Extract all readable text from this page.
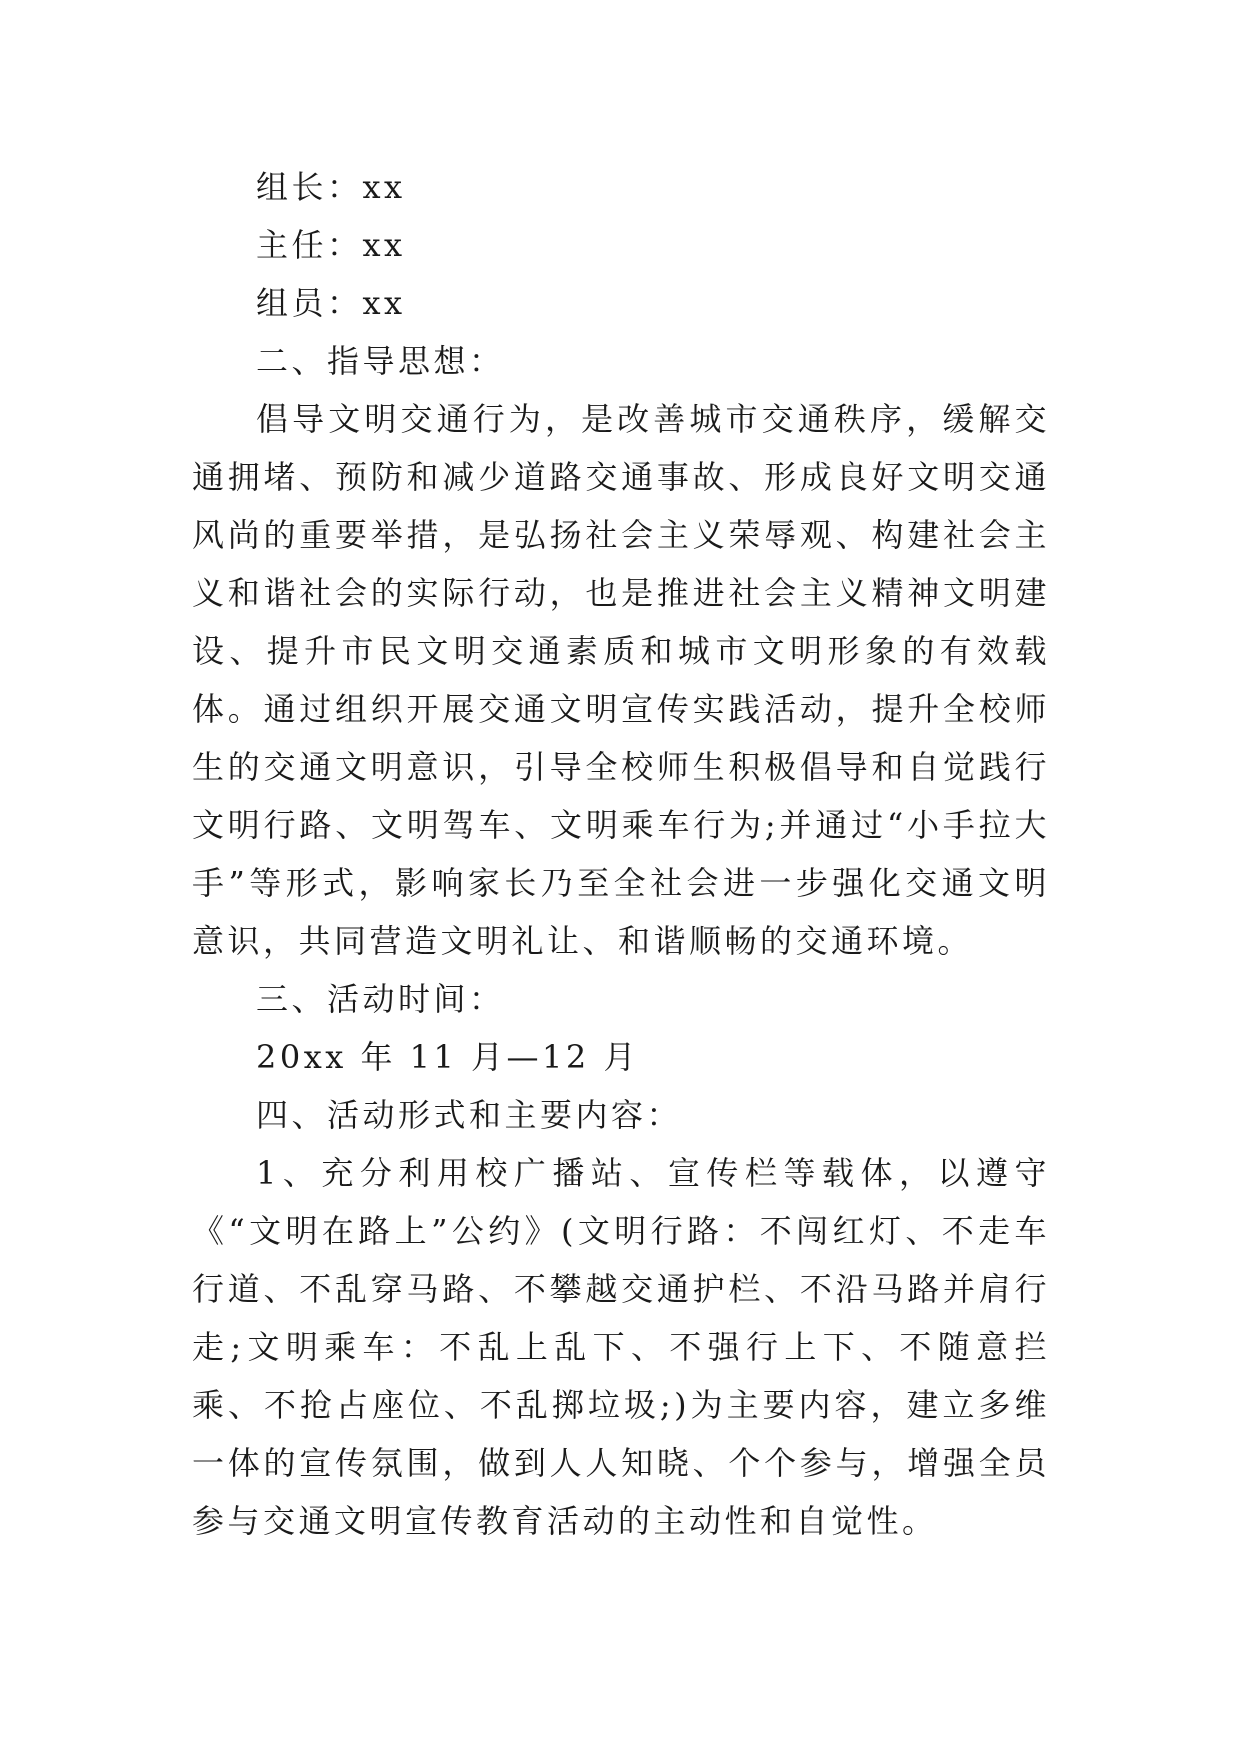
组长：xx

主任：xx

组员：xx

二、指导思想：

倡导文明交通行为，是改善城市交通秩序，缓解交通拥堵、预防和减少道路交通事故、形成良好文明交通风尚的重要举措，是弘扬社会主义荣辱观、构建社会主义和谐社会的实际行动，也是推进社会主义精神文明建设、提升市民文明交通素质和城市文明形象的有效载体。通过组织开展交通文明宣传实践活动，提升全校师生的交通文明意识，引导全校师生积极倡导和自觉践行文明行路、文明驾车、文明乘车行为;并通过“小手拉大手”等形式，影响家长乃至全社会进一步强化交通文明意识，共同营造文明礼让、和谐顺畅的交通环境。

三、活动时间：

20xx 年 11 月—12 月

四、活动形式和主要内容：

1、充分利用校广播站、宣传栏等载体，以遵守《“文明在路上”公约》(文明行路：不闯红灯、不走车行道、不乱穿马路、不攀越交通护栏、不沿马路并肩行走;文明乘车：不乱上乱下、不强行上下、不随意拦乘、不抢占座位、不乱掷垃圾;)为主要内容，建立多维一体的宣传氛围，做到人人知晓、个个参与，增强全员参与交通文明宣传教育活动的主动性和自觉性。
